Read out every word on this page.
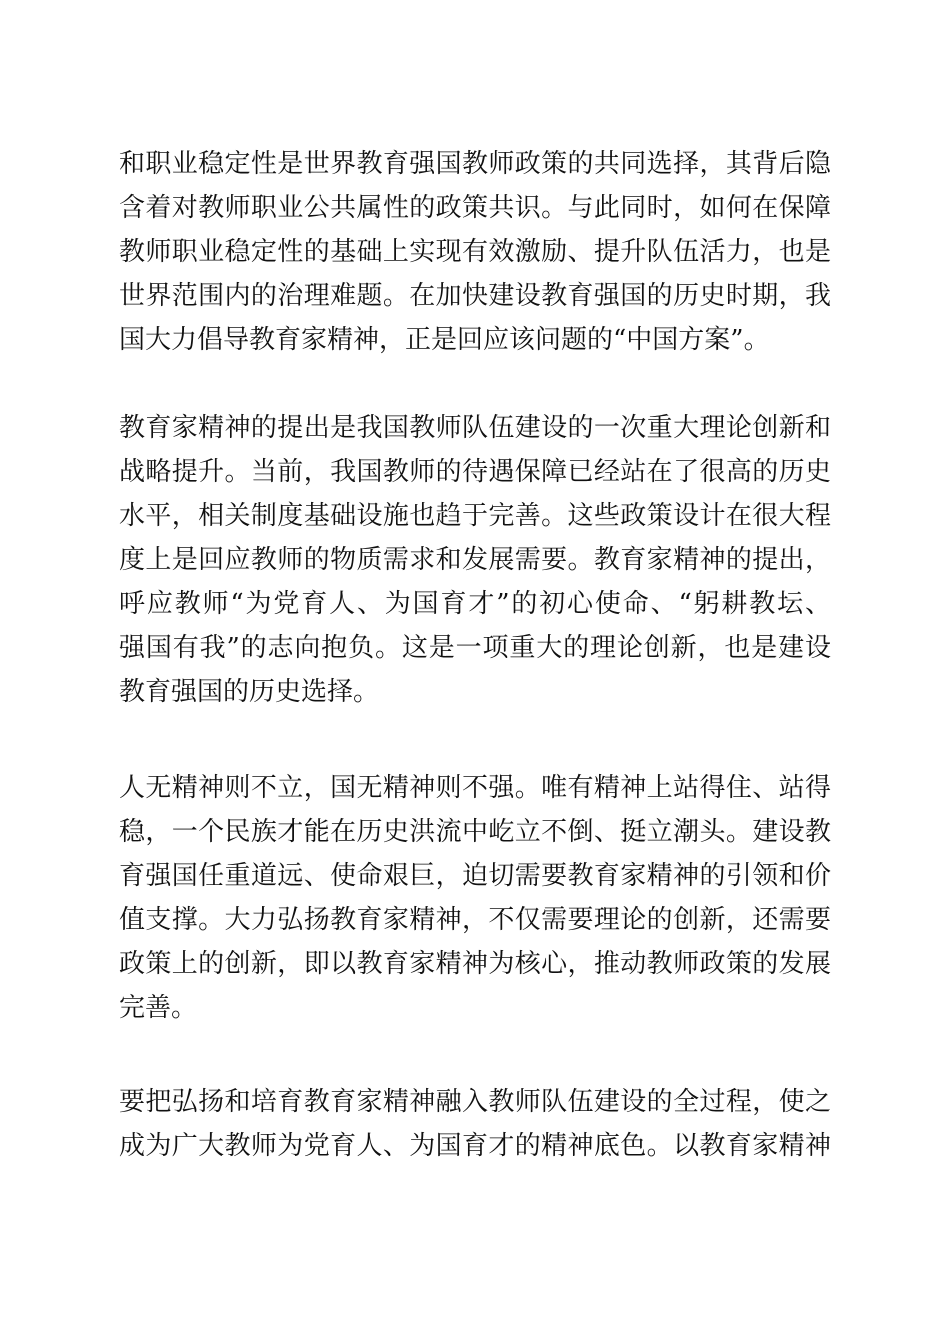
和职业稳定性是世界教育强国教师政策的共同选择，其背后隐
含着对教师职业公共属性的政策共识。与此同时，如何在保障
教师职业稳定性的基础上实现有效激励、提升队伍活力，也是
世界范围内的治理难题。在加快建设教育强国的历史时期，我
国大力倡导教育家精神，正是回应该问题的“中国方案”。

教育家精神的提出是我国教师队伍建设的一次重大理论创新和
战略提升。当前，我国教师的待遇保障已经站在了很高的历史
水平，相关制度基础设施也趋于完善。这些政策设计在很大程
度上是回应教师的物质需求和发展需要。教育家精神的提出，
呼应教师“为党育人、为国育才”的初心使命、“躬耕教坛、
强国有我”的志向抱负。这是一项重大的理论创新，也是建设
教育强国的历史选择。

人无精神则不立，国无精神则不强。唯有精神上站得住、站得
稳，一个民族才能在历史洪流中屹立不倒、挺立潮头。建设教
育强国任重道远、使命艰巨，迫切需要教育家精神的引领和价
值支撑。大力弘扬教育家精神，不仅需要理论的创新，还需要
政策上的创新，即以教育家精神为核心，推动教师政策的发展
完善。

要把弘扬和培育教育家精神融入教师队伍建设的全过程，使之
成为广大教师为党育人、为国育才的精神底色。以教育家精神
